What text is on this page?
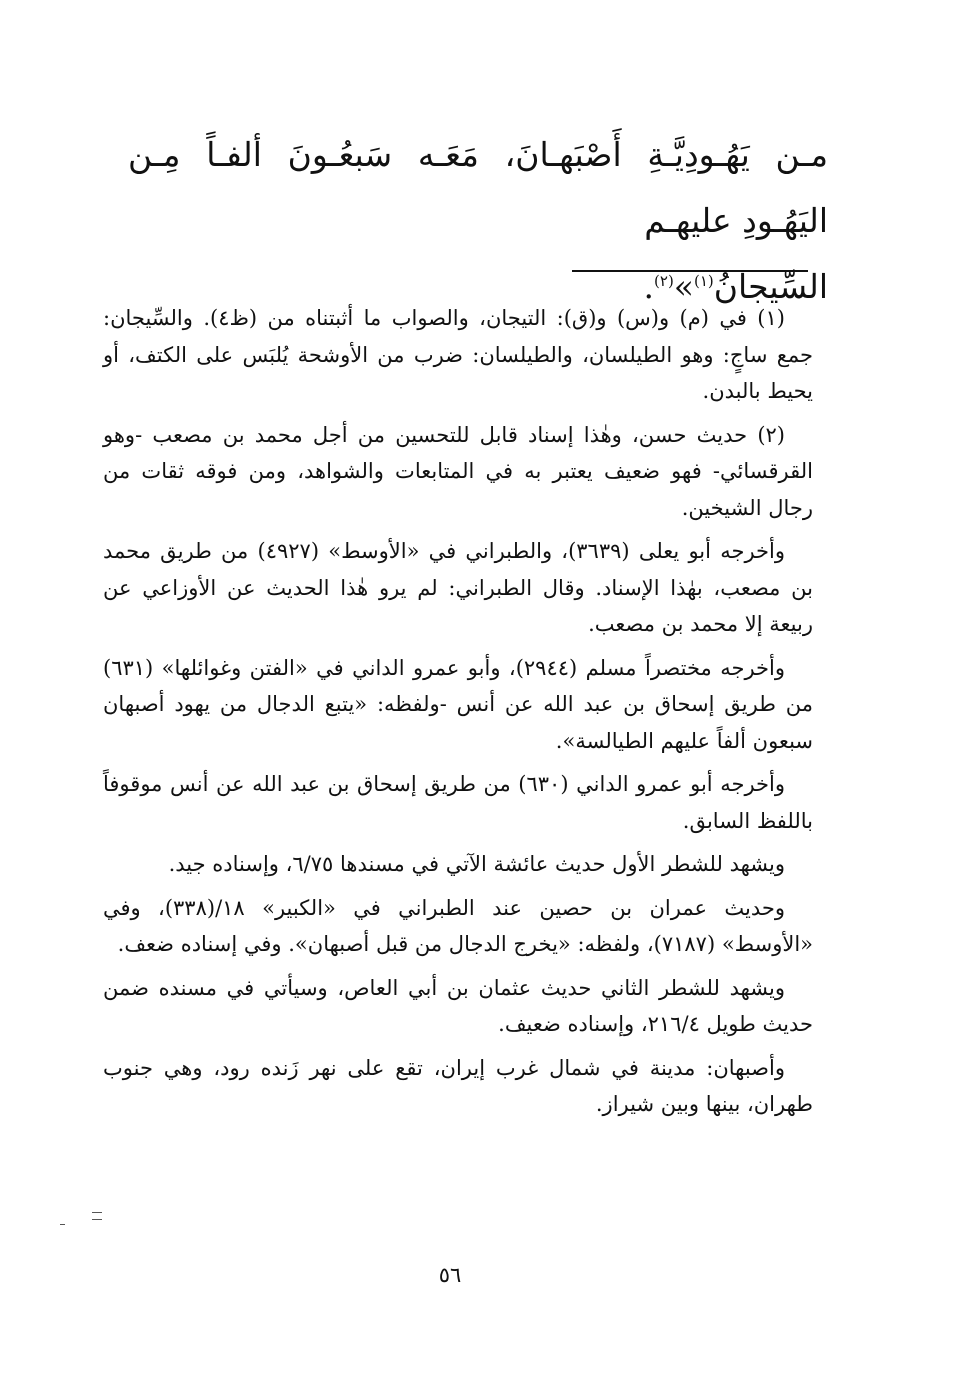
مـن يَهُـودِيَّـةِ أَصْبَهـانَ، مَعَـه سَبعُـونَ ألفـاً مِـن اليَهُـودِ عليهـم

السِّيجانُ$^{(١)}$»$^{(٢)}$.

(١) في (م) و(س) و(ق): التيجان، والصواب ما أثبتناه من (ظ٤). والسِّيجان: جمع ساجٍ: وهو الطيلسان، والطيلسان: ضرب من الأوشحة يُلبَس على الكتف، أو يحيط بالبدن.

(٢) حديث حسن، وهٰذا إسناد قابل للتحسين من أجل محمد بن مصعب -وهو القرقسائي- فهو ضعيف يعتبر به في المتابعات والشواهد، ومن فوقه ثقات من رجال الشيخين.

وأخرجه أبو يعلى (٣٦٣٩)، والطبراني في «الأوسط» (٤٩٢٧) من طريق محمد بن مصعب، بهٰذا الإسناد. وقال الطبراني: لم يرو هٰذا الحديث عن الأوزاعي عن ربيعة إلا محمد بن مصعب.

وأخرجه مختصراً مسلم (٢٩٤٤)، وأبو عمرو الداني في «الفتن وغوائلها» (٦٣١) من طريق إسحاق بن عبد الله عن أنس -ولفظه: «يتبع الدجال من يهود أصبهان سبعون ألفاً عليهم الطيالسة».

وأخرجه أبو عمرو الداني (٦٣٠) من طريق إسحاق بن عبد الله عن أنس موقوفاً باللفظ السابق.

ويشهد للشطر الأول حديث عائشة الآتي في مسندها ٦/٧٥، وإسناده جيد.

وحديث عمران بن حصين عند الطبراني في «الكبير» ١٨/(٣٣٨)، وفي «الأوسط» (٧١٨٧)، ولفظه: «يخرج الدجال من قبل أصبهان». وفي إسناده ضعف.

ويشهد للشطر الثاني حديث عثمان بن أبي العاص، وسيأتي في مسنده ضمن حديث طويل ٢١٦/٤، وإسناده ضعيف.

وأصبهان: مدينة في شمال غرب إيران، تقع على نهر زَنده رود، وهي جنوب طهران، بينها وبين شيراز.

٥٦
